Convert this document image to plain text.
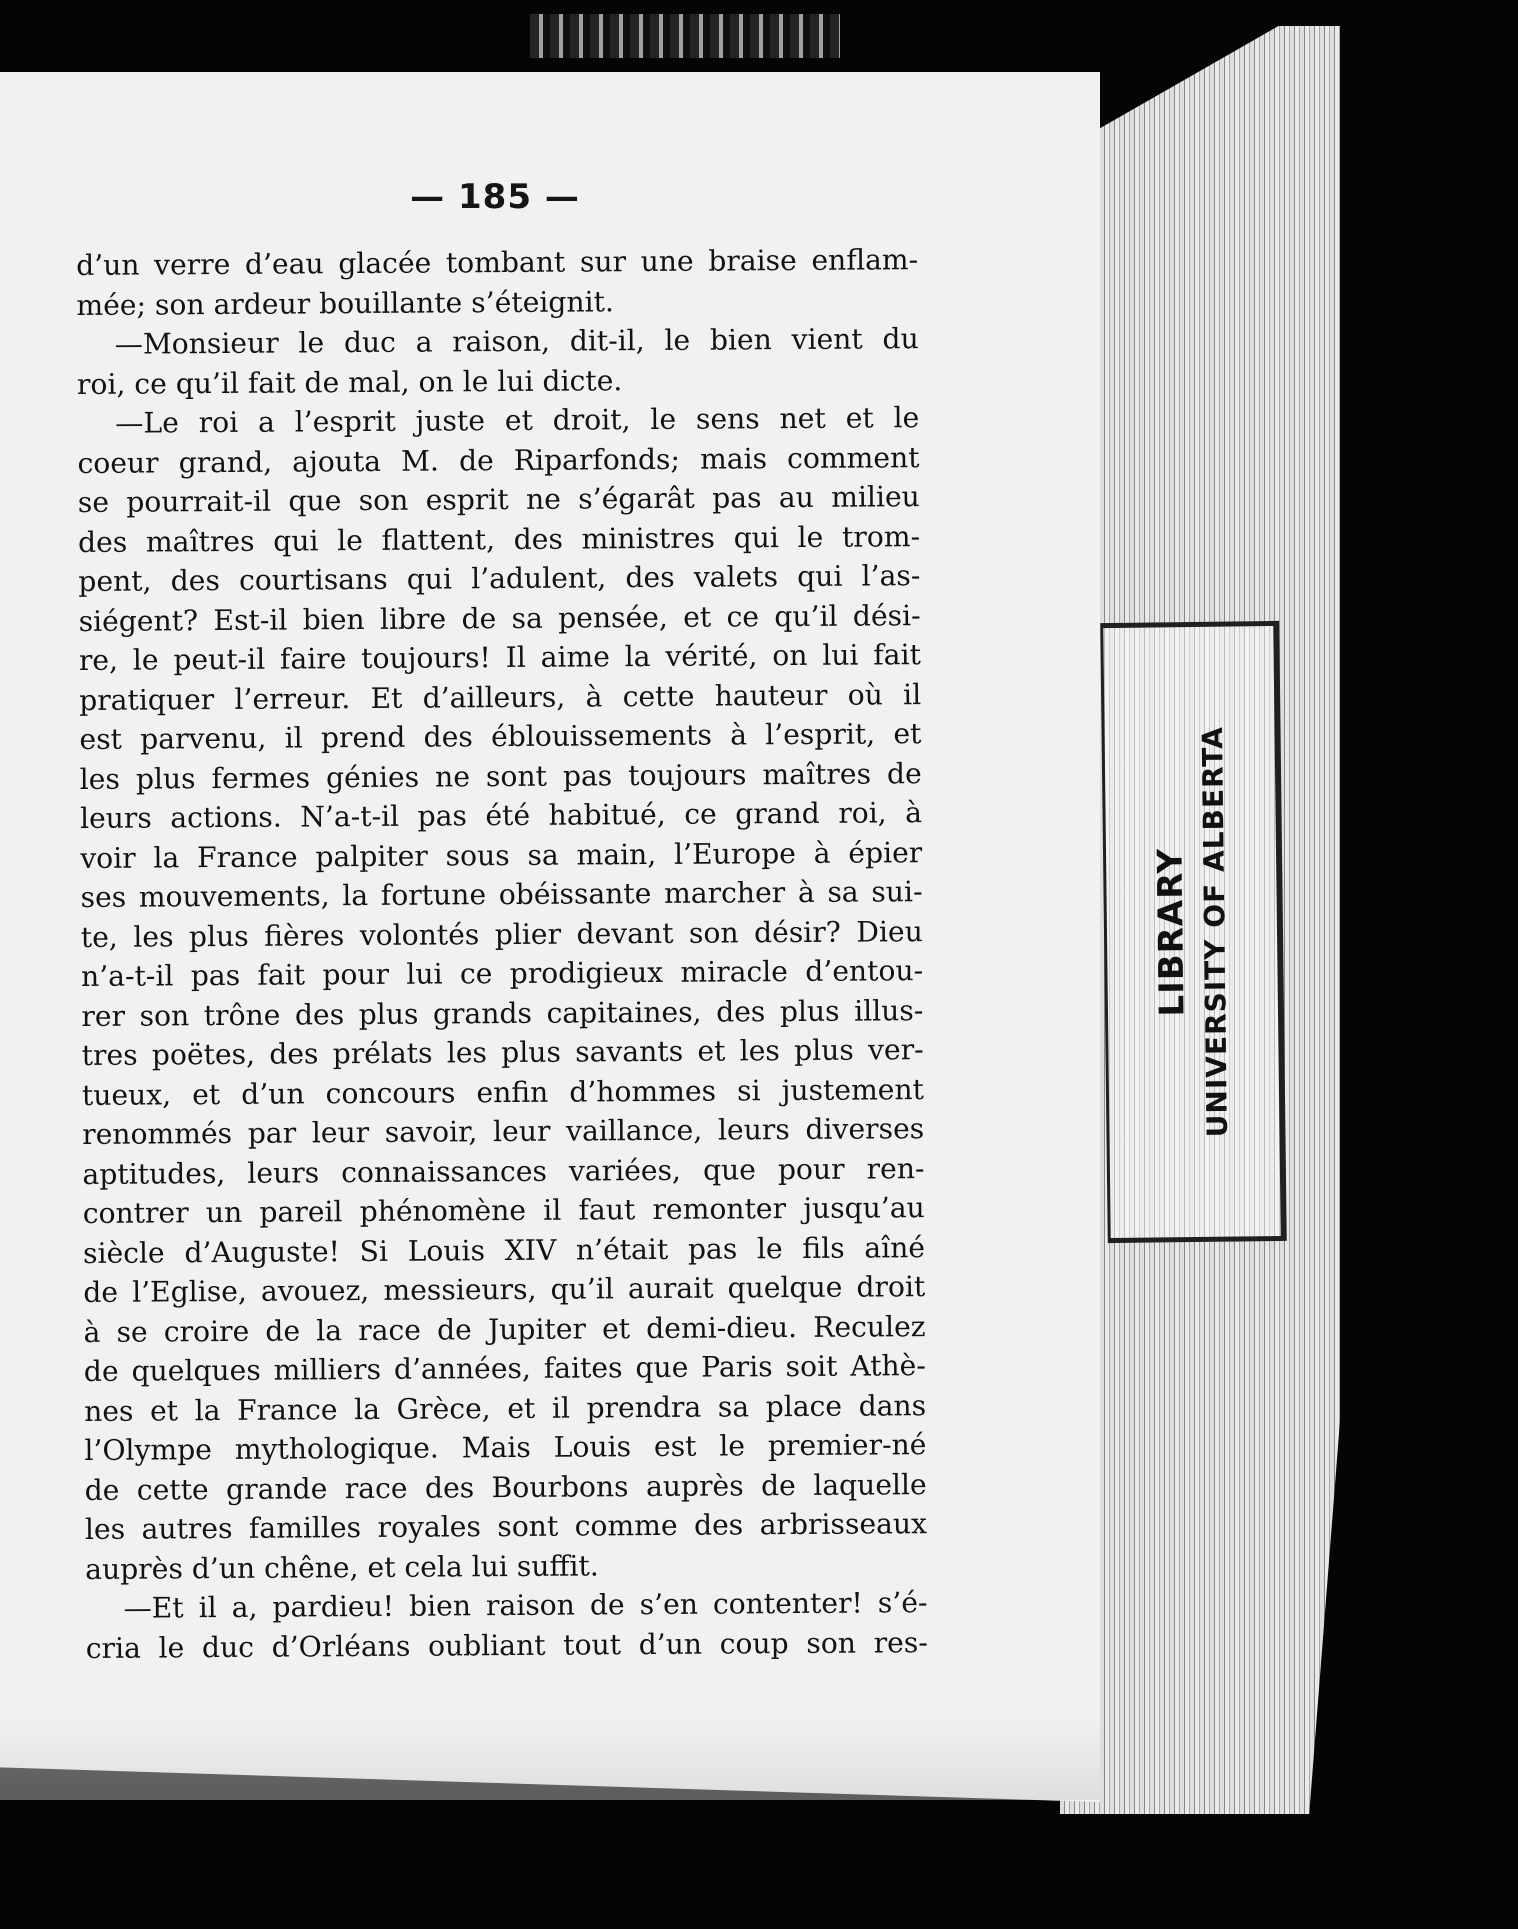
— 185 —
d’un verre d’eau glacée tombant sur une braise enflam-
mée; son ardeur bouillante s’éteignit.
—Monsieur le duc a raison, dit-il, le bien vient du
roi, ce qu’il fait de mal, on le lui dicte.
—Le roi a l’esprit juste et droit, le sens net et le
coeur grand, ajouta M. de Riparfonds; mais comment
se pourrait-il que son esprit ne s’égarât pas au milieu
des maîtres qui le flattent, des ministres qui le trom-
pent, des courtisans qui l’adulent, des valets qui l’as-
siégent? Est-il bien libre de sa pensée, et ce qu’il dési-
re, le peut-il faire toujours! Il aime la vérité, on lui fait
pratiquer l’erreur. Et d’ailleurs, à cette hauteur où il
est parvenu, il prend des éblouissements à l’esprit, et
les plus fermes génies ne sont pas toujours maîtres de
leurs actions. N’a-t-il pas été habitué, ce grand roi, à
voir la France palpiter sous sa main, l’Europe à épier
ses mouvements, la fortune obéissante marcher à sa sui-
te, les plus fières volontés plier devant son désir? Dieu
n’a-t-il pas fait pour lui ce prodigieux miracle d’entou-
rer son trône des plus grands capitaines, des plus illus-
tres poëtes, des prélats les plus savants et les plus ver-
tueux, et d’un concours enfin d’hommes si justement
renommés par leur savoir, leur vaillance, leurs diverses
aptitudes, leurs connaissances variées, que pour ren-
contrer un pareil phénomène il faut remonter jusqu’au
siècle d’Auguste! Si Louis XIV n’était pas le fils aîné
de l’Eglise, avouez, messieurs, qu’il aurait quelque droit
à se croire de la race de Jupiter et demi-dieu. Reculez
de quelques milliers d’années, faites que Paris soit Athè-
nes et la France la Grèce, et il prendra sa place dans
l’Olympe mythologique. Mais Louis est le premier-né
de cette grande race des Bourbons auprès de laquelle
les autres familles royales sont comme des arbrisseaux
auprès d’un chêne, et cela lui suffit.
—Et il a, pardieu! bien raison de s’en contenter! s’é-
cria le duc d’Orléans oubliant tout d’un coup son res-
LIBRARY UNIVERSITY OF ALBERTA
